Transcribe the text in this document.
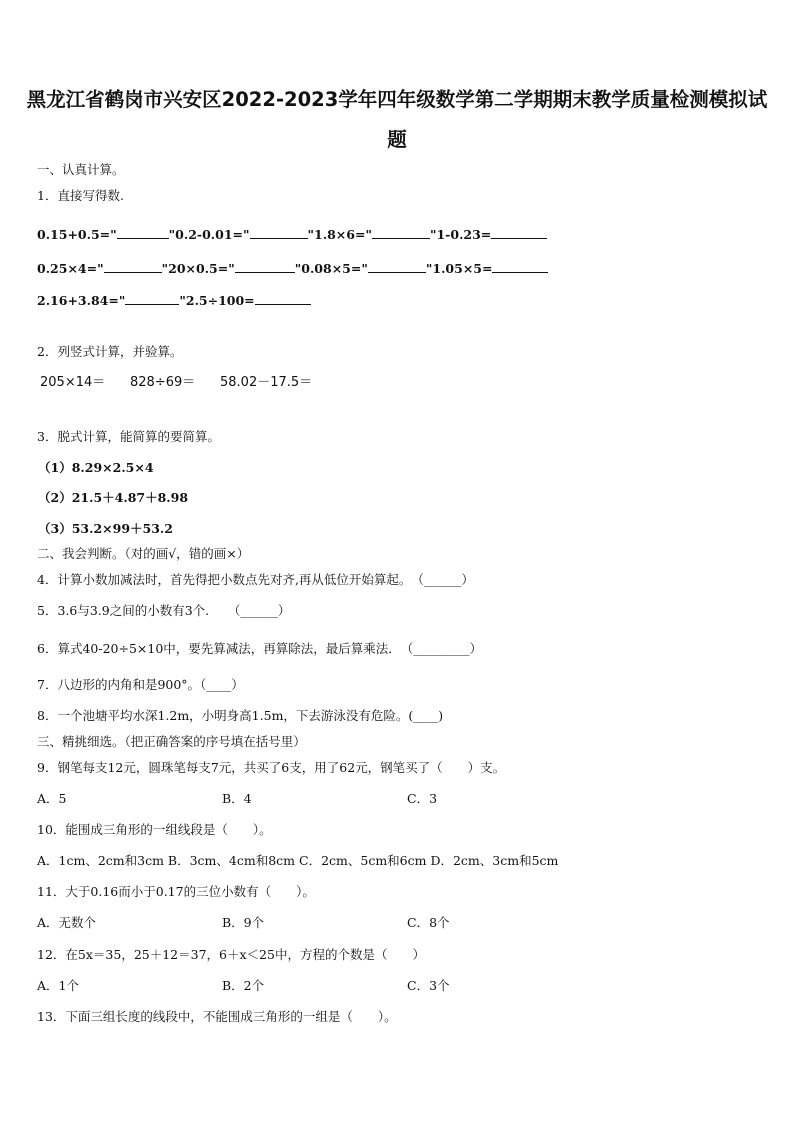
黑龙江省鹤岗市兴安区2022-2023学年四年级数学第二学期期末教学质量检测模拟试
题
一、认真计算。
1．直接写得数.
0.15+0.5="	"0.2-0.01="	"1.8×6="	"1-0.23=
0.25×4="	"20×0.5="	"0.08×5="	"1.05×5=
2.16+3.84="	"2.5÷100=
2．列竖式计算，并验算。
205×14＝ 828÷69＝ 58.02－17.5＝
3．脱式计算，能简算的要简算。
（1）8.29×2.5×4
（2）21.5＋4.87＋8.98
（3）53.2×99＋53.2
二、我会判断。（对的画√，错的画×）
4．计算小数加减法时，首先得把小数点先对齐,再从低位开始算起。　（______）
5．3.6与3.9之间的小数有3个.　　（______）
6．算式40-20÷5×10中，要先算减法，再算除法，最后算乘法．　（_________）
7．八边形的内角和是900°。（____）
8．一个池塘平均水深1.2m，小明身高1.5m，下去游泳没有危险。(____)
三、精挑细选。（把正确答案的序号填在括号里）
9．钢笔每支12元，圆珠笔每支7元，共买了6支，用了62元，钢笔买了（　　）支。
A．5	B．4	C．3
10．能围成三角形的一组线段是（　　）。
A．1cm、2cm和3cm B．3cm、4cm和8cm C．2cm、5cm和6cm D．2cm、3cm和5cm
11．大于0.16而小于0.17的三位小数有（　　）。
A．无数个	B．9个	C．8个
12．在5x＝35，25＋12＝37，6＋x＜25中，方程的个数是（　　）
A．1个	B．2个	C．3个
13．下面三组长度的线段中，不能围成三角形的一组是（　　）。
